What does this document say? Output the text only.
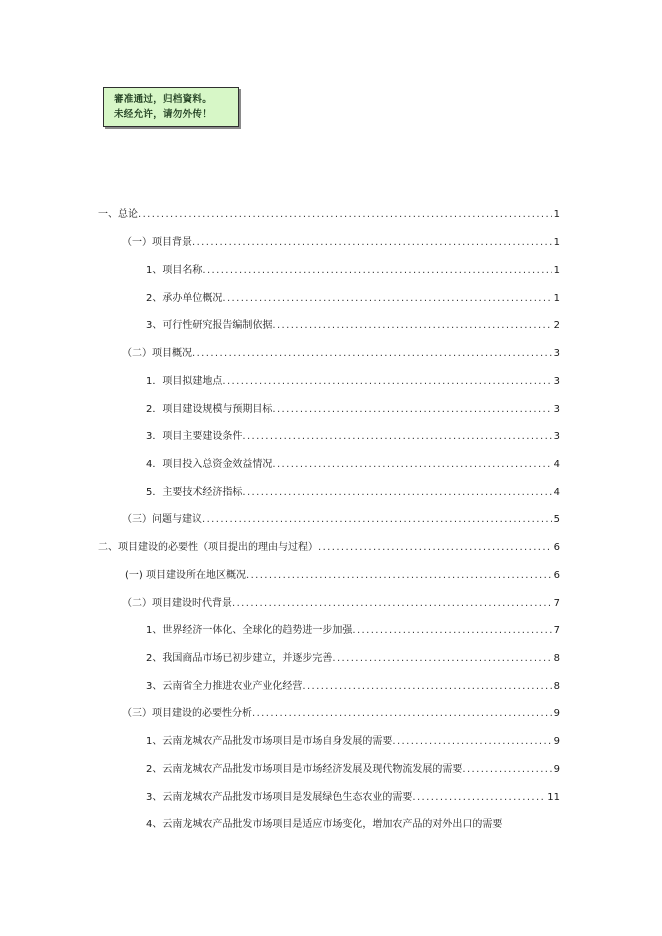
審准通过，归档資料。
未经允许，请勿外传！
一、总论 .....	1
（一）项目背景 .....	1
1、项目名称 .....	1
2、承办单位概况 .....	1
3、可行性研究报告编制依据 .....	2
（二）项目概况 .....	3
1．项目拟建地点 .....	3
2．项目建设规模与预期目标 .....	3
3．项目主要建设条件 .....	3
4．项目投入总资金效益情况 .....	4
5．主要技术经济指标 .....	4
（三）问题与建议 .....	5
二、项目建设的必要性（项目提出的理由与过程） .....	6
(一) 项目建设所在地区概况 .....	6
（二）项目建设时代背景 .....	7
1、世界经济一体化、全球化的趋势进一步加强 .....	7
2、我国商品市场已初步建立，并逐步完善 .....	8
3、云南省全力推进农业产业化经营 .....	8
（三）项目建设的必要性分析 .....	9
1、云南龙城农产品批发市场项目是市场自身发展的需要 .....	9
2、云南龙城农产品批发市场项目是市场经济发展及现代物流发展的需要 .....	9
3、云南龙城农产品批发市场项目是发展绿色生态农业的需要 .....	11
4、云南龙城农产品批发市场项目是适应市场变化，增加农产品的对外出口的需要
